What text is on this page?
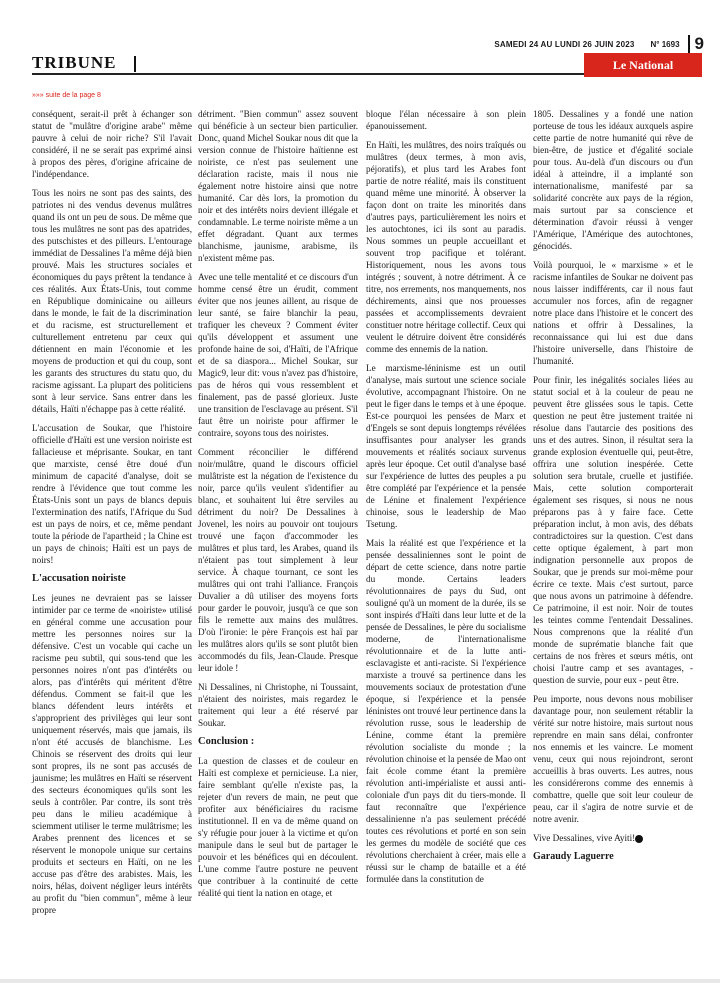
SAMEDI 24 AU LUNDI 26 JUIN 2023 N° 1693 9
TRIBUNE	Le National
»»» suite de la page 8

conséquent, serait-il prêt à échanger son statut de "mulâtre d'origine arabe" même pauvre à celui de noir riche? S'il l'avait considéré, il ne se serait pas exprimé ainsi à propos des pères, d'origine africaine de l'indépendance.

Tous les noirs ne sont pas des saints, des patriotes ni des vendus devenus mulâtres quand ils ont un peu de sous. De même que tous les mulâtres ne sont pas des apatrides, des putschistes et des pilleurs. L'entourage immédiat de Dessalines l'a même déjà bien prouvé. Mais les structures sociales et économiques du pays prêtent la tendance à ces réalités. Aux États-Unis, tout comme en République dominicaine ou ailleurs dans le monde, le fait de la discrimination et du racisme, est structurellement et culturellement entretenu par ceux qui détiennent en main l'économie et les moyens de production et qui du coup, sont les garants des structures du statu quo, du racisme agissant. La plupart des politiciens sont à leur service. Sans entrer dans les détails, Haïti n'échappe pas à cette réalité.

L'accusation de Soukar, que l'histoire officielle d'Haïti est une version noiriste est fallacieuse et méprisante. Soukar, en tant que marxiste, censé être doué d'un minimum de capacité d'analyse, doit se rendre à l'évidence que tout comme les États-Unis sont un pays de blancs depuis l'extermination des natifs, l'Afrique du Sud est un pays de noirs, et ce, même pendant toute la période de l'apartheid ; la Chine est un pays de chinois; Haïti est un pays de noirs!

L'accusation noiriste

Les jeunes ne devraient pas se laisser intimider par ce terme de «noiriste» utilisé en général comme une accusation pour mettre les personnes noires sur la défensive. C'est un vocable qui cache un racisme peu subtil, qui sous-tend que les personnes noires n'ont pas d'intérêts ou alors, pas d'intérêts qui méritent d'être défendus. Comment se fait-il que les blancs défendent leurs intérêts et s'approprient des privilèges qui leur sont uniquement réservés, mais que jamais, ils n'ont été accusés de blanchisme. Les Chinois se réservent des droits qui leur sont propres, ils ne sont pas accusés de jaunisme; les mulâtres en Haïti se réservent des secteurs économiques qu'ils sont les seuls à contrôler. Par contre, ils sont très peu dans le milieu académique à sciemment utiliser le terme mulâtrisme; les Arabes prennent des licences et se réservent le monopole unique sur certains produits et secteurs en Haïti, on ne les accuse pas d'être des arabistes. Mais, les noirs, hélas, doivent négliger leurs intérêts au profit du "bien commun", même à leur propre

détriment. "Bien commun" assez souvent qui bénéficie à un secteur bien particulier. Donc, quand Michel Soukar nous dit que la version connue de l'histoire haïtienne est noiriste, ce n'est pas seulement une déclaration raciste, mais il nous nie également notre histoire ainsi que notre humanité. Car dès lors, la promotion du noir et des intérêts noirs devient illégale et condamnable. Le terme noiriste même a un effet dégradant. Quant aux termes blanchisme, jaunisme, arabisme, ils n'existent même pas.

Avec une telle mentalité et ce discours d'un homme censé être un érudit, comment éviter que nos jeunes aillent, au risque de leur santé, se faire blanchir la peau, trafiquer les cheveux ? Comment éviter qu'ils développent et assument une profonde haine de soi, d'Haïti, de l'Afrique et de sa diaspora... Michel Soukar, sur Magic9, leur dit: vous n'avez pas d'histoire, pas de héros qui vous ressemblent et finalement, pas de passé glorieux. Juste une transition de l'esclavage au présent. S'il faut être un noiriste pour affirmer le contraire, soyons tous des noiristes.

Comment réconcilier le différend noir/mulâtre, quand le discours officiel mulâtriste est la négation de l'existence du noir, parce qu'ils veulent s'identifier au blanc, et souhaitent lui être serviles au détriment du noir? De Dessalines à Jovenel, les noirs au pouvoir ont toujours trouvé une façon d'accommoder les mulâtres et plus tard, les Arabes, quand ils n'étaient pas tout simplement à leur service. À chaque tournant, ce sont les mulâtres qui ont trahi l'alliance. François Duvalier a dû utiliser des moyens forts pour garder le pouvoir, jusqu'à ce que son fils le remette aux mains des mulâtres. D'où l'ironie: le père François est haï par les mulâtres alors qu'ils se sont plutôt bien accommodés du fils, Jean-Claude. Presque leur idole !

Ni Dessalines, ni Christophe, ni Toussaint, n'étaient des noiristes, mais regardez le traitement qui leur a été réservé par Soukar.

Conclusion :

La question de classes et de couleur en Haïti est complexe et pernicieuse. La nier, faire semblant qu'elle n'existe pas, la rejeter d'un revers de main, ne peut que profiter aux bénéficiaires du racisme institutionnel. Il en va de même quand on s'y réfugie pour jouer à la victime et qu'on manipule dans le seul but de partager le pouvoir et les bénéfices qui en découlent. L'une comme l'autre posture ne peuvent que contribuer à la continuité de cette réalité qui tient la nation en otage, et

bloque l'élan nécessaire à son plein épanouissement.

En Haïti, les mulâtres, des noirs traîqués ou mulâtres (deux termes, à mon avis, péjoratifs), et plus tard les Arabes font partie de notre réalité, mais ils constituent quand même une minorité. À observer la façon dont on traite les minorités dans d'autres pays, particulièrement les noirs et les autochtones, ici ils sont au paradis. Nous sommes un peuple accueillant et souvent trop pacifique et tolérant. Historiquement, nous les avons tous intégrés ; souvent, à notre détriment. À ce titre, nos errements, nos manquements, nos déchirements, ainsi que nos prouesses passées et accomplissements devraient constituer notre héritage collectif. Ceux qui veulent le détruire doivent être considérés comme des ennemis de la nation.

Le marxisme-léninisme est un outil d'analyse, mais surtout une science sociale évolutive, accompagnant l'histoire. On ne peut le figer dans le temps et à une époque. Est-ce pourquoi les pensées de Marx et d'Engels se sont depuis longtemps révélées insuffisantes pour analyser les grands mouvements et réalités sociaux survenus après leur époque. Cet outil d'analyse basé sur l'expérience de luttes des peuples a pu être complété par l'expérience et la pensée de Lénine et finalement l'expérience chinoise, sous le leadership de Mao Tsetung.

Mais la réalité est que l'expérience et la pensée dessaliniennes sont le point de départ de cette science, dans notre partie du monde. Certains leaders révolutionnaires de pays du Sud, ont souligné qu'à un moment de la durée, ils se sont inspirés d'Haïti dans leur lutte et de la pensée de Dessalines, le père du socialisme moderne, de l'internationalisme révolutionnaire et de la lutte anti-esclavagiste et anti-raciste. Si l'expérience marxiste a trouvé sa pertinence dans les mouvements sociaux de protestation d'une époque, si l'expérience et la pensée léninistes ont trouvé leur pertinence dans la révolution russe, sous le leadership de Lénine, comme étant la première révolution socialiste du monde ; la révolution chinoise et la pensée de Mao ont fait école comme étant la première révolution anti-impérialiste et aussi anti-coloniale d'un pays dit du tiers-monde. Il faut reconnaître que l'expérience dessalinienne n'a pas seulement précédé toutes ces révolutions et porté en son sein les germes du modèle de société que ces révolutions cherchaient à créer, mais elle a réussi sur le champ de bataille et a été formulée dans la constitution de

1805. Dessalines y a fondé une nation porteuse de tous les idéaux auxquels aspire cette partie de notre humanité qui rêve de bien-être, de justice et d'égalité sociale pour tous. Au-delà d'un discours ou d'un idéal à atteindre, il a implanté son internationalisme, manifesté par sa solidarité concrète aux pays de la région, mais surtout par sa conscience et détermination d'avoir réussi à venger l'Amérique, l'Amérique des autochtones, génocidés.

Voilà pourquoi, le « marxisme » et le racisme infantiles de Soukar ne doivent pas nous laisser indifférents, car il nous faut accumuler nos forces, afin de regagner notre place dans l'histoire et le concert des nations et offrir à Dessalines, la reconnaissance qui lui est due dans l'histoire universelle, dans l'histoire de l'humanité.

Pour finir, les inégalités sociales liées au statut social et à la couleur de peau ne peuvent être glissées sous le tapis. Cette question ne peut être justement traitée ni résolue dans l'autarcie des positions des uns et des autres. Sinon, il résultat sera la grande explosion éventuelle qui, peut-être, offrira une solution inespérée. Cette solution sera brutale, cruelle et justifiée. Mais, cette solution comporterait également ses risques, si nous ne nous préparons pas à y faire face. Cette préparation inclut, à mon avis, des débats contradictoires sur la question. C'est dans cette optique également, à part mon indignation personnelle aux propos de Soukar, que je prends sur moi-même pour écrire ce texte. Mais c'est surtout, parce que nous avons un patrimoine à défendre. Ce patrimoine, il est noir. Noir de toutes les teintes comme l'entendait Dessalines. Nous comprenons que la réalité d'un monde de suprématie blanche fait que certains de nos frères et sœurs métis, ont choisi l'autre camp et ses avantages, - question de survie, pour eux - peut être.

Peu importe, nous devons nous mobiliser davantage pour, non seulement rétablir la vérité sur notre histoire, mais surtout nous reprendre en main sans délai, confronter nos ennemis et les vaincre. Le moment venu, ceux qui nous rejoindront, seront accueillis à bras ouverts. Les autres, nous les considérerons comme des ennemis à combattre, quelle que soit leur couleur de peau, car il s'agira de notre survie et de notre avenir.

Vive Dessalines, vive Ayiti!

Garaudy Laguerre
